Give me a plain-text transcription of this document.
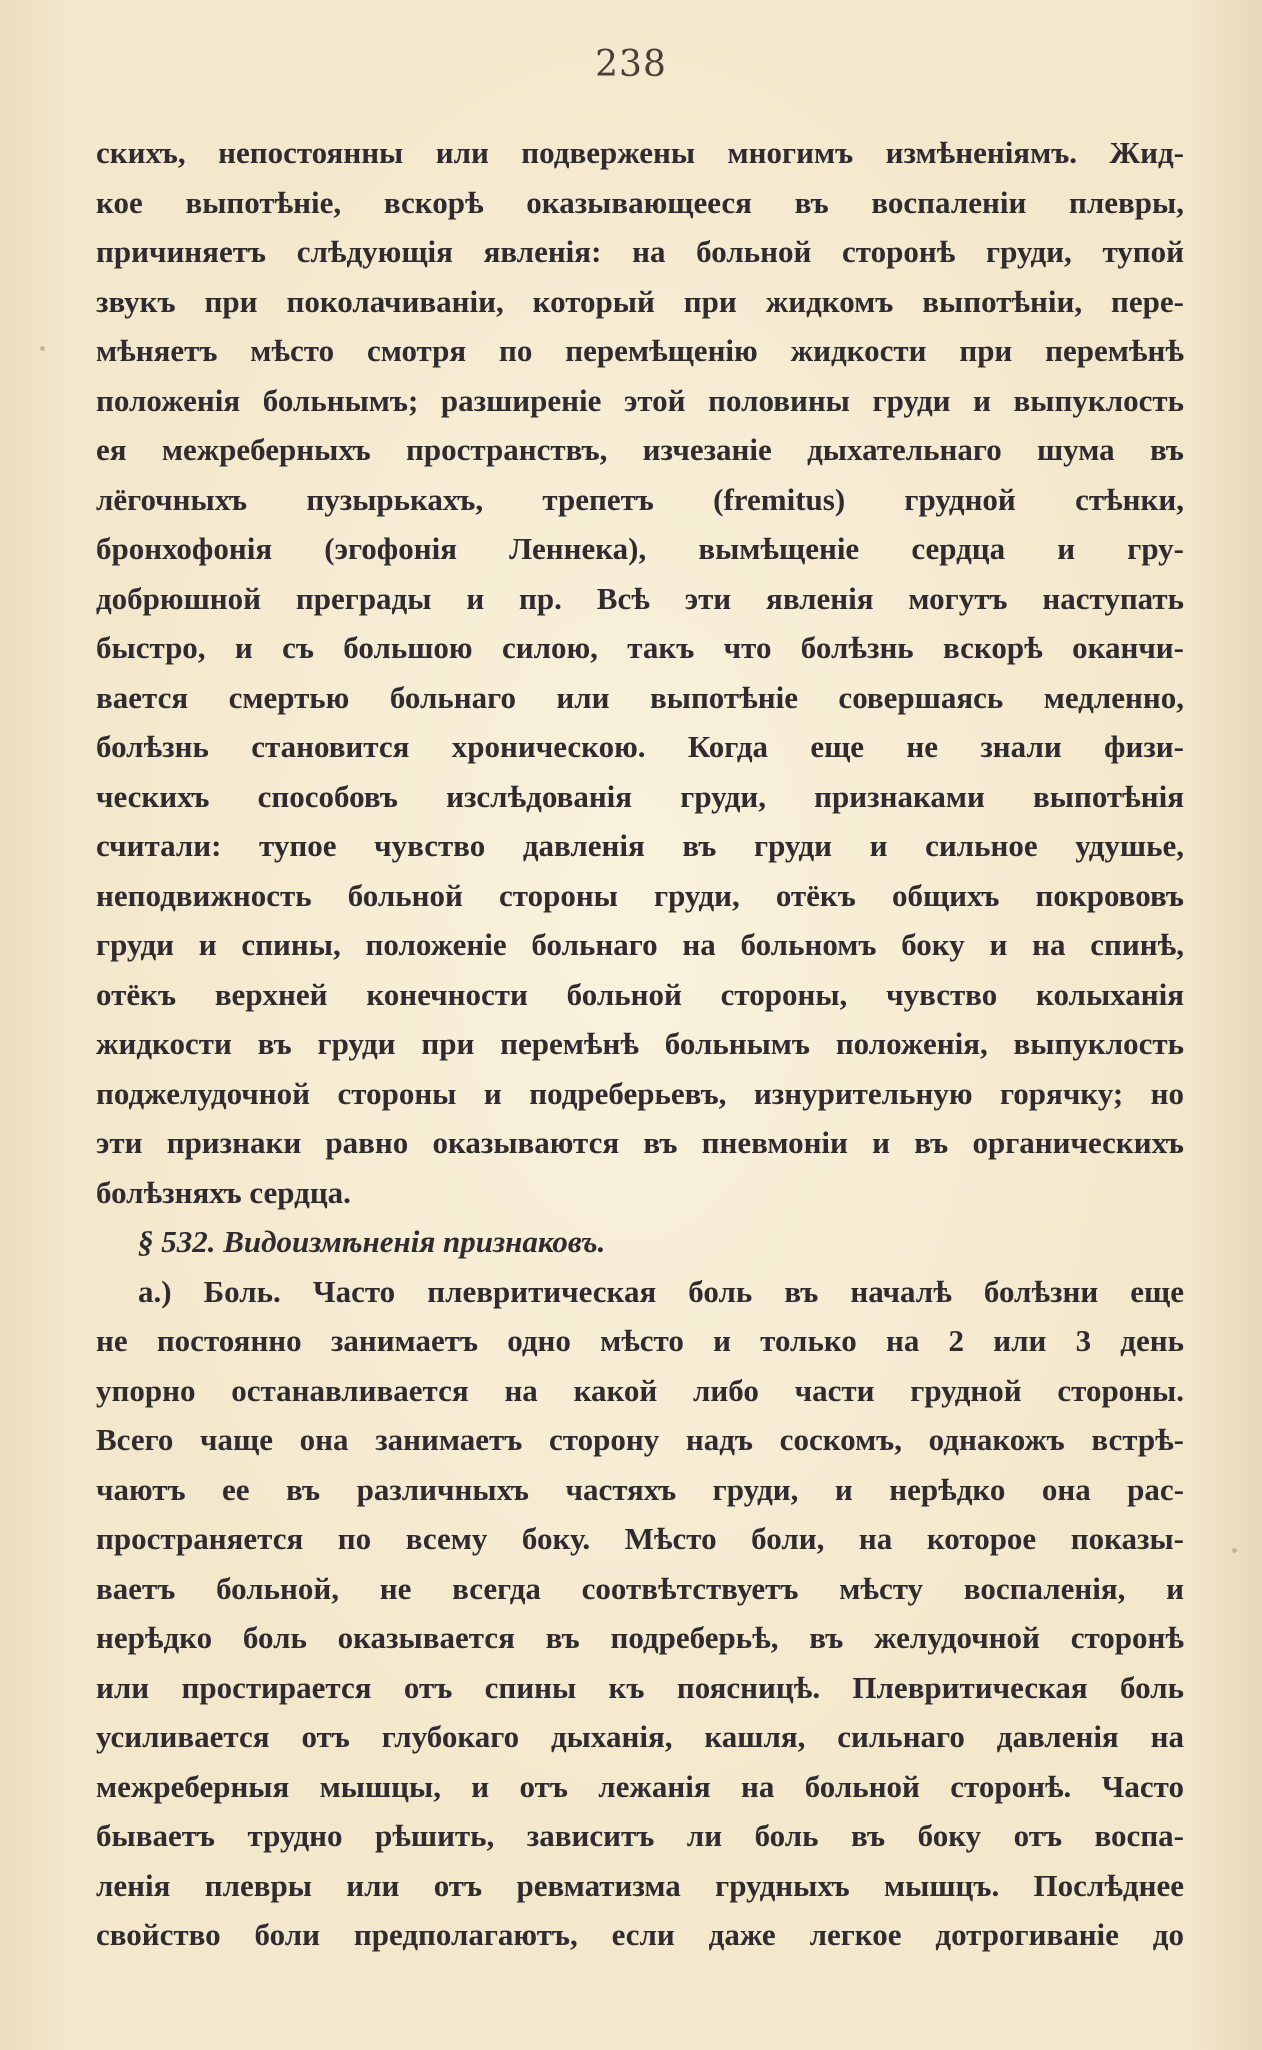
238
скихъ, непостоянны или подвержены многимъ измѣненіямъ. Жид-
кое выпотѣніе, вскорѣ оказывающееся въ воспаленіи плевры,
причиняетъ слѣдующія явленія: на больной сторонѣ груди, тупой
звукъ при поколачиваніи, который при жидкомъ выпотѣніи, пере-
мѣняетъ мѣсто смотря по перемѣщенію жидкости при перемѣнѣ
положенія больнымъ; разширеніе этой половины груди и выпуклость
ея межреберныхъ пространствъ, изчезаніе дыхательнаго шума въ
лёгочныхъ пузырькахъ, трепетъ (fremitus) грудной стѣнки,
бронхофонія (эгофонія Леннека), вымѣщеніе сердца и гру-
добрюшной преграды и пр. Всѣ эти явленія могутъ наступать
быстро, и съ большою силою, такъ что болѣзнь вскорѣ оканчи-
вается смертью больнаго или выпотѣніе совершаясь медленно,
болѣзнь становится хроническою. Когда еще не знали физи-
ческихъ способовъ изслѣдованія груди, признаками выпотѣнія
считали: тупое чувство давленія въ груди и сильное удушье,
неподвижность больной стороны груди, отёкъ общихъ покрововъ
груди и спины, положеніе больнаго на больномъ боку и на спинѣ,
отёкъ верхней конечности больной стороны, чувство колыханія
жидкости въ груди при перемѣнѣ больнымъ положенія, выпуклость
поджелудочной стороны и подреберьевъ, изнурительную горячку; но
эти признаки равно оказываются въ пневмоніи и въ органическихъ
болѣзняхъ сердца.
§ 532. Видоизмѣненія признаковъ.
а.) Боль. Часто плевритическая боль въ началѣ болѣзни еще
не постоянно занимаетъ одно мѣсто и только на 2 или 3 день
упорно останавливается на какой либо части грудной стороны.
Всего чаще она занимаетъ сторону надъ соскомъ, однакожъ встрѣ-
чаютъ ее въ различныхъ частяхъ груди, и нерѣдко она рас-
пространяется по всему боку. Мѣсто боли, на которое показы-
ваетъ больной, не всегда соотвѣтствуетъ мѣсту воспаленія, и
нерѣдко боль оказывается въ подреберьѣ, въ желудочной сторонѣ
или простирается отъ спины къ поясницѣ. Плевритическая боль
усиливается отъ глубокаго дыханія, кашля, сильнаго давленія на
межреберныя мышцы, и отъ лежанія на больной сторонѣ. Часто
бываетъ трудно рѣшить, зависитъ ли боль въ боку отъ воспа-
ленія плевры или отъ ревматизма грудныхъ мышцъ. Послѣднее
свойство боли предполагаютъ, если даже легкое дотрогиваніе до
